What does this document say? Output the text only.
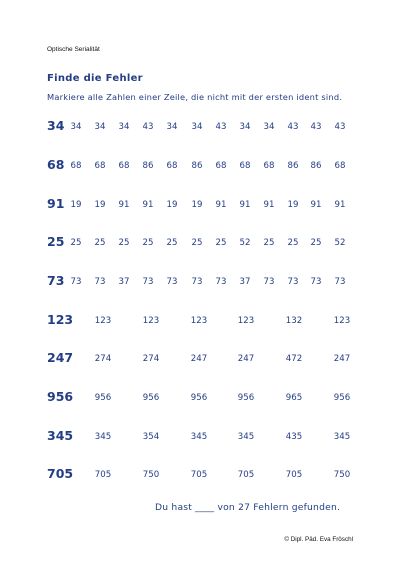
Optische Serialität
Finde die Fehler
Markiere alle Zahlen einer Zeile, die nicht mit der ersten ident sind.
34 34 34 34 43 34 34 43 34 34 43 43 43
68 68 68 68 86 68 86 68 68 68 86 86 68
91 19 19 91 91 19 19 91 91 91 19 91 91
25 25 25 25 25 25 25 25 52 25 25 25 52
73 73 73 37 73 73 73 73 37 73 73 73 73
123	123	123	123	123	132	123
247	274	274	247	247	472	247
956	956	956	956	956	965	956
345	345	354	345	345	435	345
705	705	750	705	705	705	750
Du hast ____ von 27 Fehlern gefunden.
© Dipl. Päd. Eva Fröschl
